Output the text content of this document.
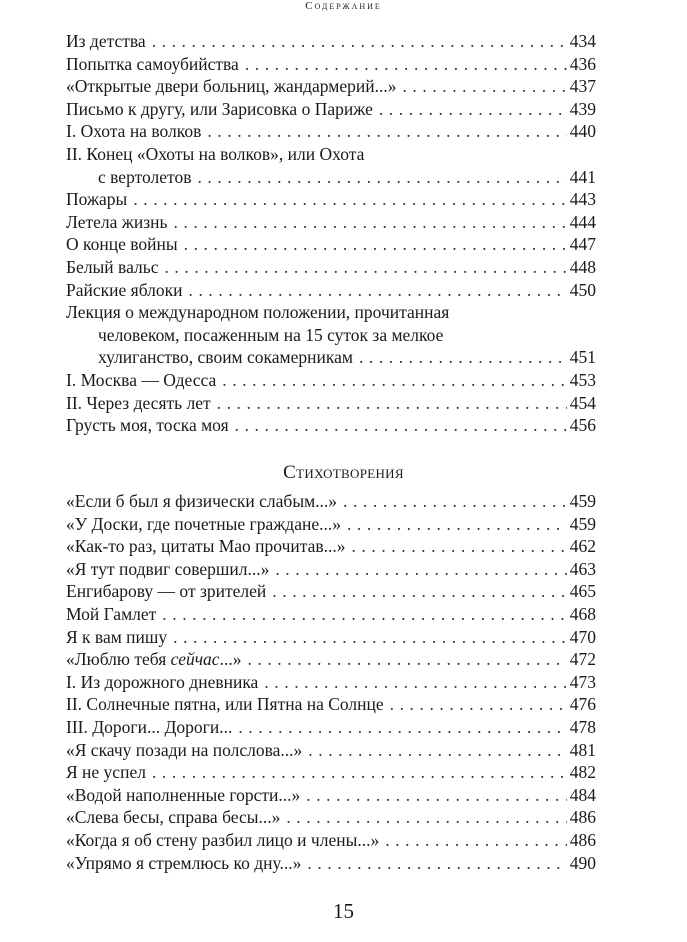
Содержание
Из детства . . .	434
Попытка самоубийства . . .	436
«Открытые двери больниц, жандармерий...» . . .	437
Письмо к другу, или Зарисовка о Париже . . .	439
I. Охота на волков . . .	440
II. Конец «Охоты на волков», или Охота
с вертолетов . . .	441
Пожары . . .	443
Летела жизнь . . .	444
О конце войны . . .	447
Белый вальс . . .	448
Райские яблоки . . .	450
Лекция о международном положении, прочитанная
человеком, посаженным на 15 суток за мелкое
хулиганство, своим сокамерникам . . .	451
I. Москва — Одесса . . .	453
II. Через десять лет . . .	454
Грусть моя, тоска моя . . .	456
Стихотворения
«Если б был я физически слабым...» . . .	459
«У Доски, где почетные граждане...» . . .	459
«Как-то раз, цитаты Мао прочитав...» . . .	462
«Я тут подвиг совершил...» . . .	463
Енгибарову — от зрителей . . .	465
Мой Гамлет . . .	468
Я к вам пишу . . .	470
«Люблю тебя сейчас...» . . .	472
I. Из дорожного дневника . . .	473
II. Солнечные пятна, или Пятна на Солнце . . .	476
III. Дороги... Дороги... . . .	478
«Я скачу позади на полслова...» . . .	481
Я не успел . . .	482
«Водой наполненные горсти...» . . .	484
«Слева бесы, справа бесы...» . . .	486
«Когда я об стену разбил лицо и члены...» . . .	486
«Упрямо я стремлюсь ко дну...» . . .	490
15
